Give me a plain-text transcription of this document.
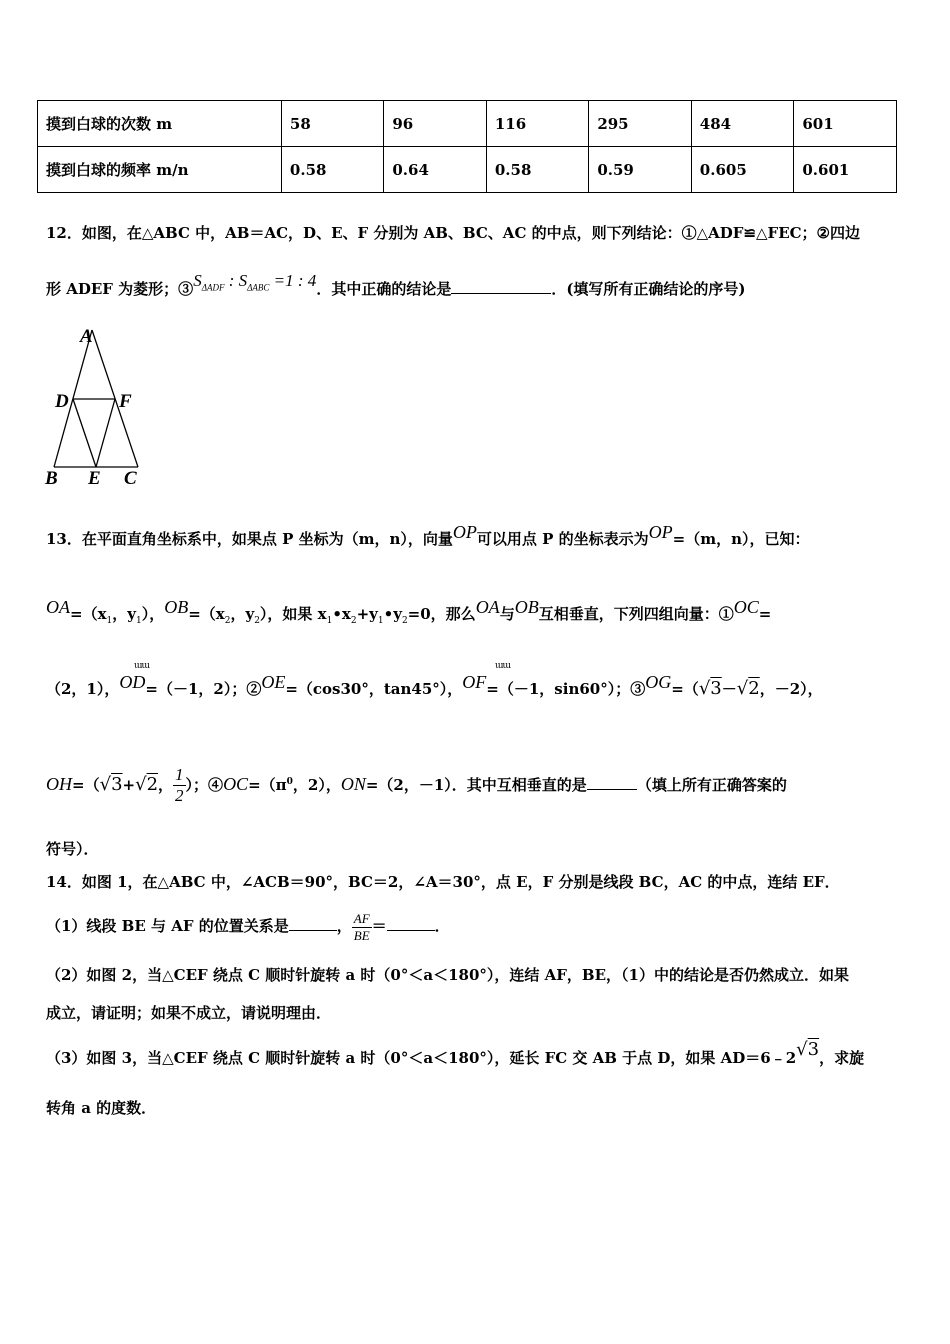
摸到白球的次数 m	58	96	116	295	484	601
摸到白球的频率 m/n	0.58	0.64	0.58	0.59	0.605	0.601
12．如图，在△ABC 中，AB＝AC，D、E、F 分别为 AB、BC、AC 的中点，则下列结论：①△ADF≌△FEC；②四边
形 ADEF 为菱形；$③S_{\Delta ADF}$ : $S_{\Delta ABC} =1$ : 4．其中正确的结论是	．(填写所有正确结论的序号)
A
D	F
B E C
13．在平面直角坐标系中，如果点 P 坐标为（m，n），向量OP可以用点 P 的坐标表示为OP=（m，n），已知：
$OA=(x_1$，$y_1$），$OB=(x_2$，$y_2$），如果 $x_1•x_2+y_1•y_2=0$，那么OA与OB互相垂直，下列四组向量：①OC=
ɯɯ	ɯɯ
（2，1），OD=（－1，2）；②OE=（cos30°，tan45°），OF=（－1，sin60°）；③OG=（√3－√2，－2），
OH=（√3+√2， $\frac{1}{2}$ ）；$④OC=(\pi^0$，2），ON=（2，－1）．其中互相垂直的是	（填上所有正确答案的
符号）．
14．如图 1，在△ABC 中，∠ACB＝90°，BC＝2，∠A＝30°，点 E，F 分别是线段 BC，AC 的中点，连结 EF．
（1）线段 BE 与 AF 的位置关系是	， $\frac{AF}{BE}$ ＝	．
（2）如图 2，当△CEF 绕点 C 顺时针旋转 a 时（0°＜a＜180°），连结 AF，BE，（1）中的结论是否仍然成立．如果
成立，请证明；如果不成立，请说明理由．
（3）如图 3，当△CEF 绕点 C 顺时针旋转 a 时（0°＜a＜180°），延长 FC 交 AB 于点 D，如果 AD＝6﹣2√3，求旋
转角 a 的度数．
